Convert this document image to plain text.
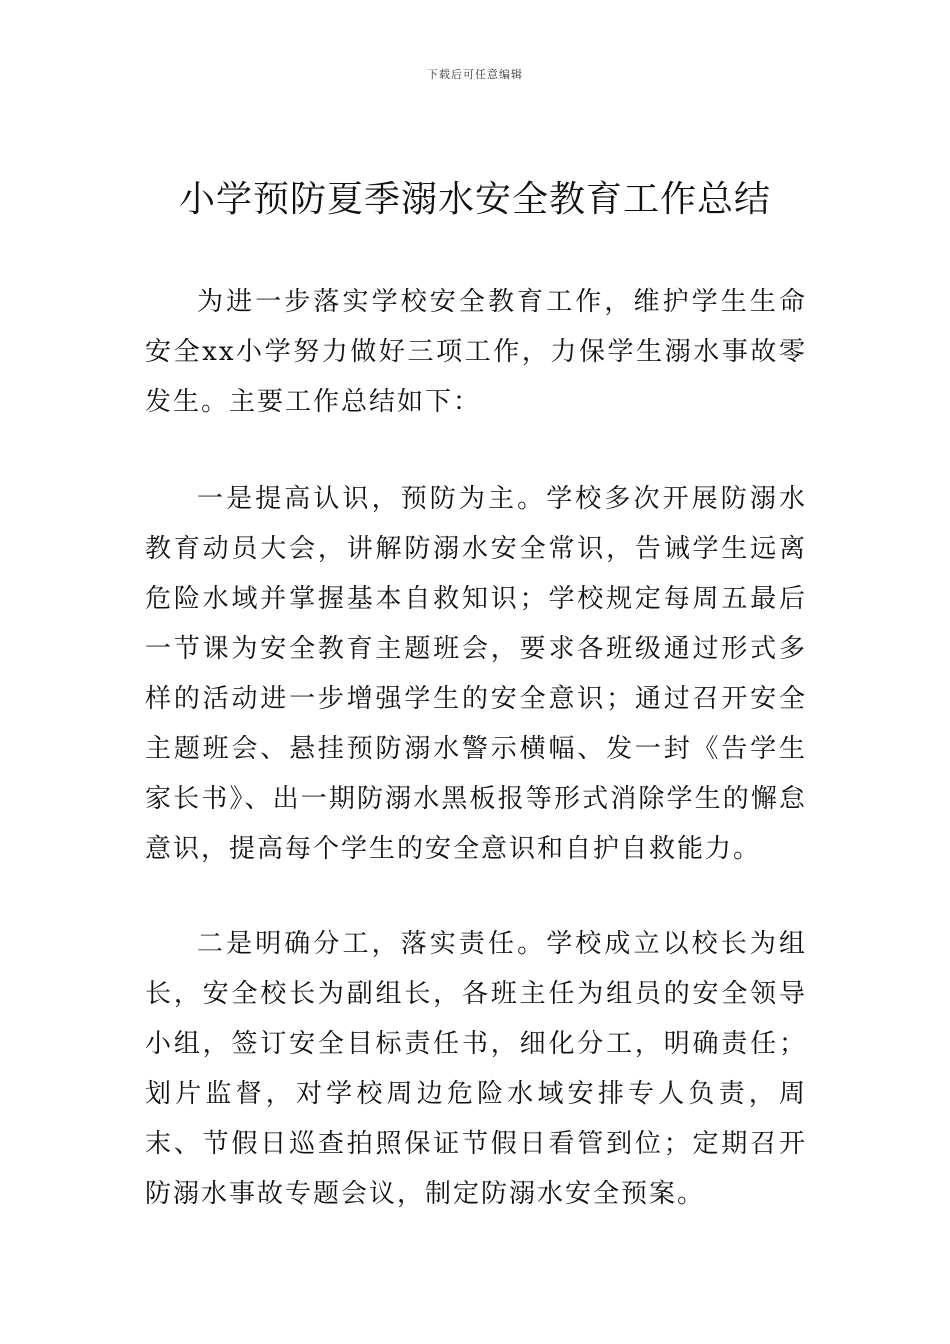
下载后可任意编辑
小学预防夏季溺水安全教育工作总结

为进一步落实学校安全教育工作，维护学生生命安全xx小学努力做好三项工作，力保学生溺水事故零发生。主要工作总结如下：

一是提高认识，预防为主。学校多次开展防溺水教育动员大会，讲解防溺水安全常识，告诫学生远离危险水域并掌握基本自救知识；学校规定每周五最后一节课为安全教育主题班会，要求各班级通过形式多样的活动进一步增强学生的安全意识；通过召开安全主题班会、悬挂预防溺水警示横幅、发一封《告学生家长书》、出一期防溺水黑板报等形式消除学生的懈怠意识，提高每个学生的安全意识和自护自救能力。

二是明确分工，落实责任。学校成立以校长为组长，安全校长为副组长，各班主任为组员的安全领导小组，签订安全目标责任书，细化分工，明确责任；划片监督，对学校周边危险水域安排专人负责，周末、节假日巡查拍照保证节假日看管到位；定期召开防溺水事故专题会议，制定防溺水安全预案。
